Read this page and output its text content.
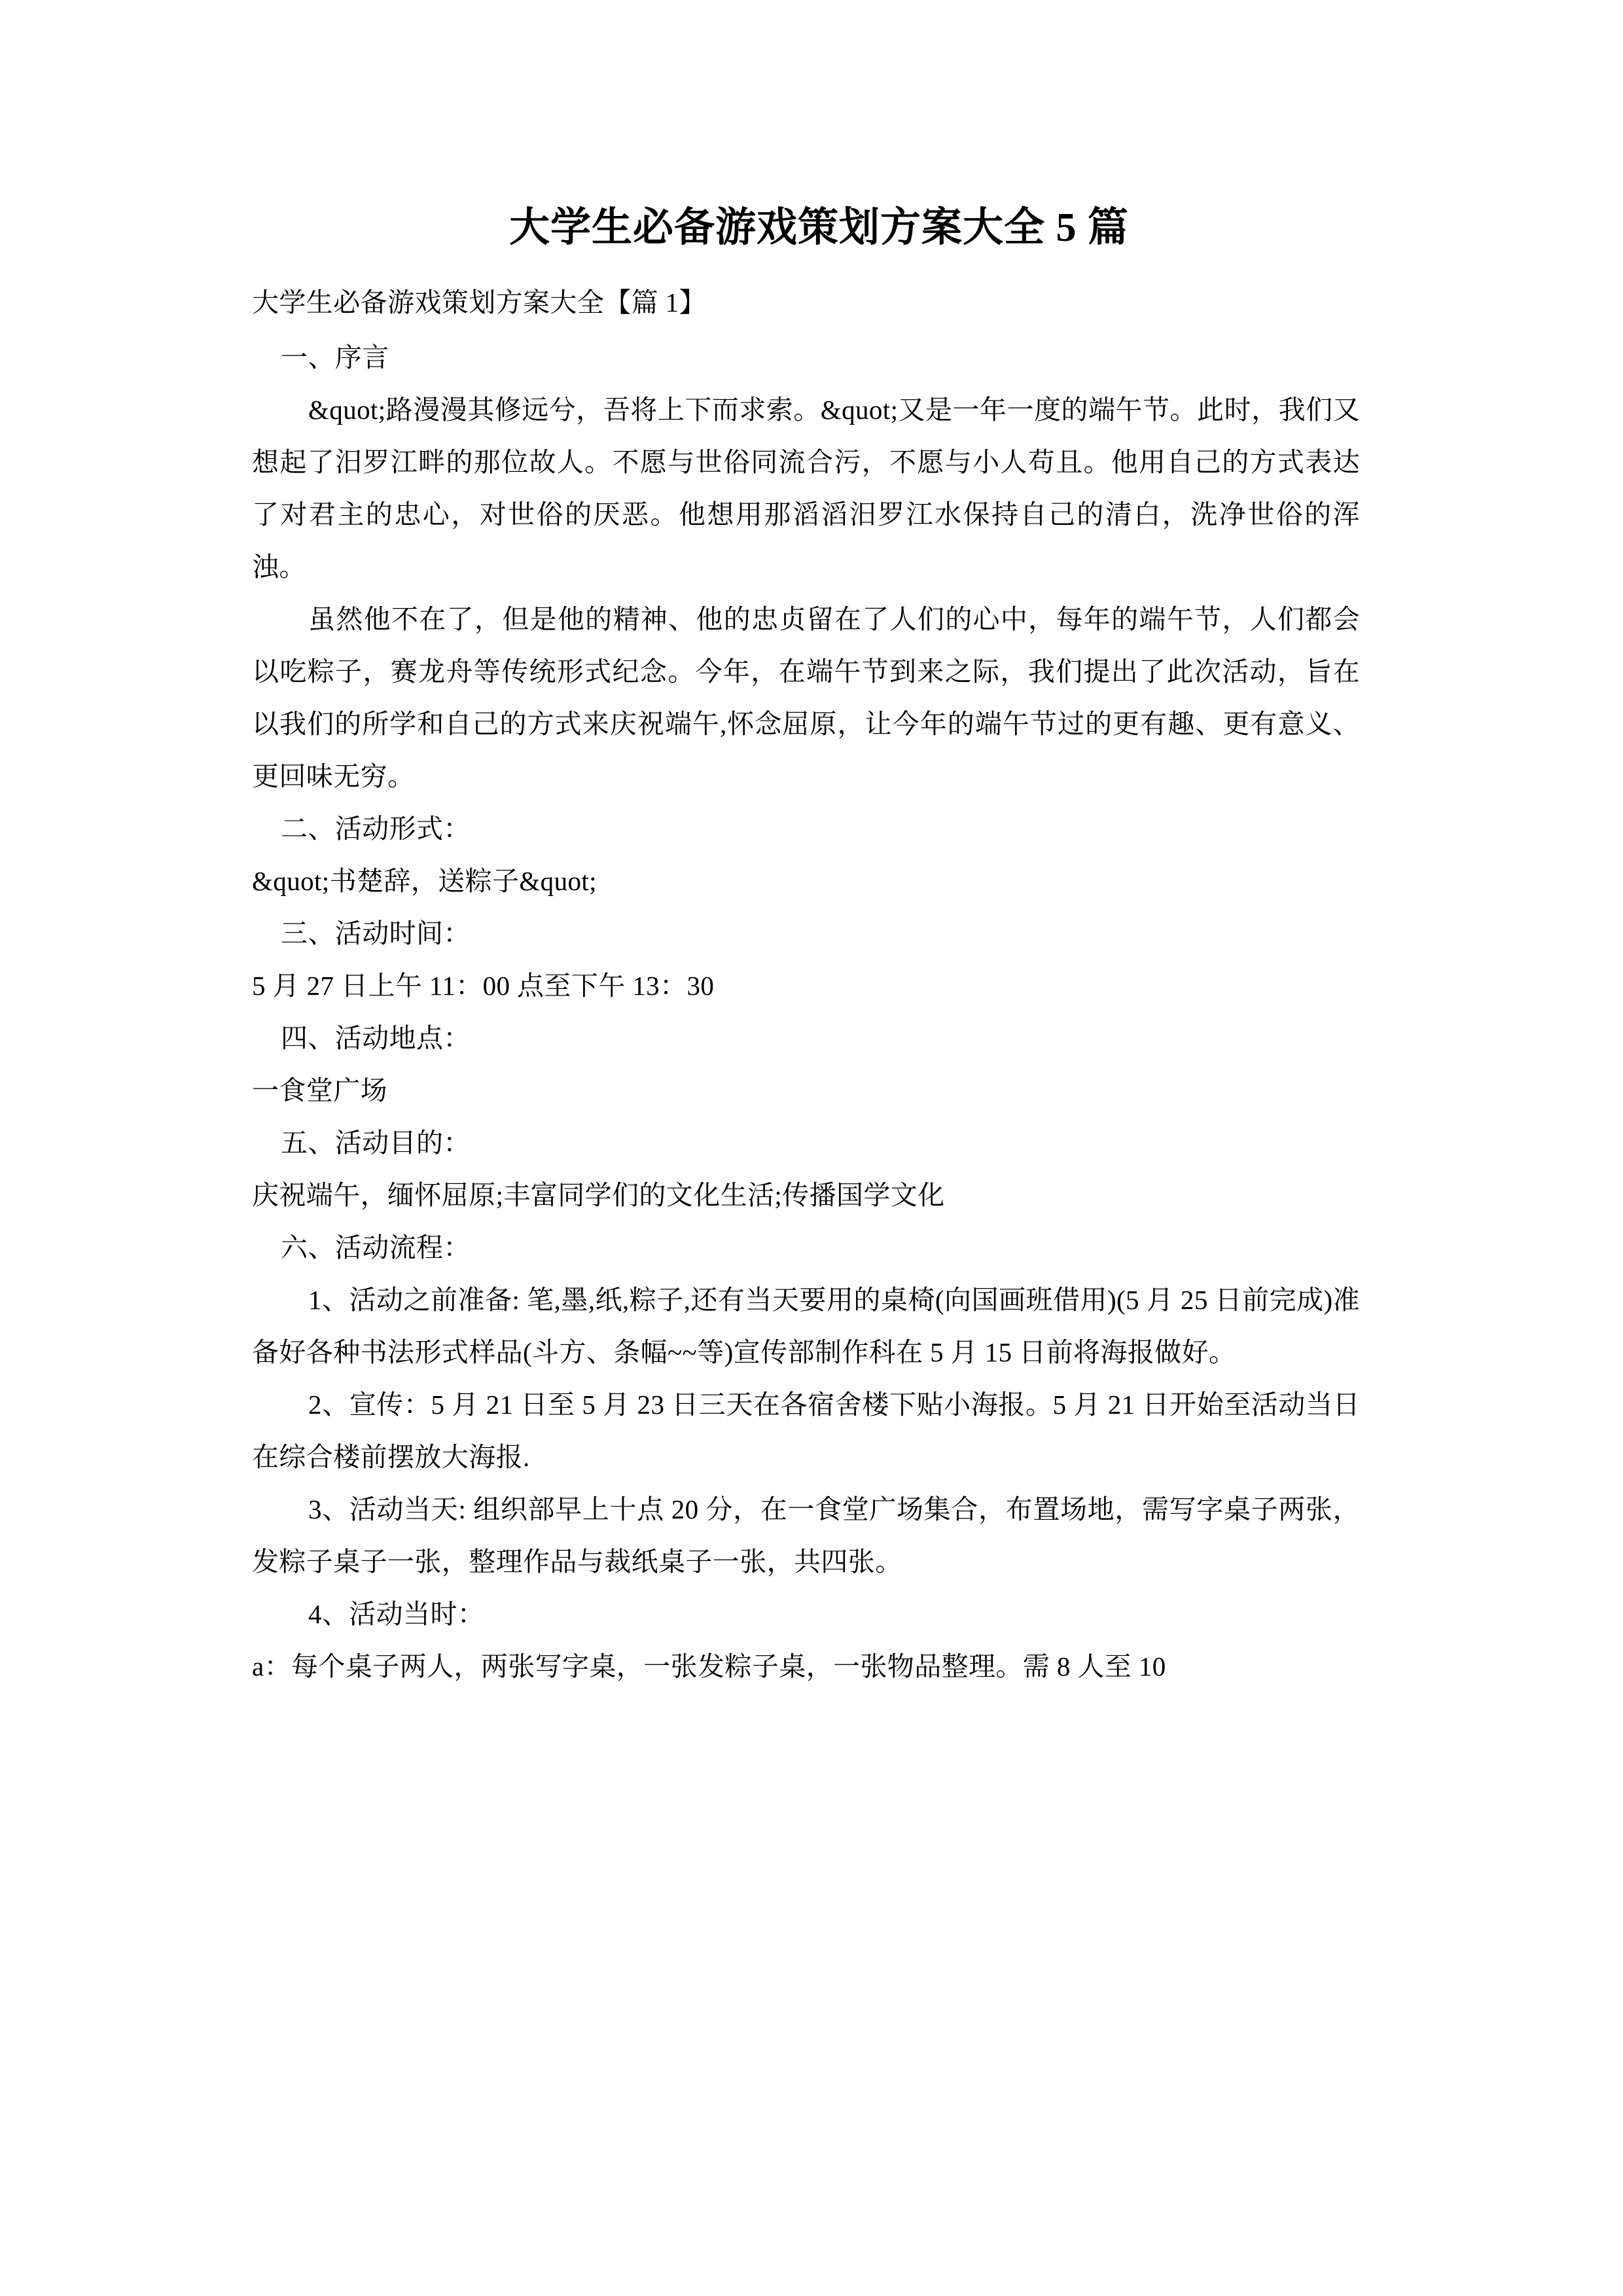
大学生必备游戏策划方案大全 5 篇

大学生必备游戏策划方案大全【篇 1】

一、序言

&quot;路漫漫其修远兮，吾将上下而求索。&quot;又是一年一度的端午节。此时，我们又想起了汨罗江畔的那位故人。不愿与世俗同流合污，不愿与小人苟且。他用自己的方式表达了对君主的忠心，对世俗的厌恶。他想用那滔滔汨罗江水保持自己的清白，洗净世俗的浑浊。

虽然他不在了，但是他的精神、他的忠贞留在了人们的心中，每年的端午节，人们都会以吃粽子，赛龙舟等传统形式纪念。今年，在端午节到来之际，我们提出了此次活动，旨在以我们的所学和自己的方式来庆祝端午,怀念屈原，让今年的端午节过的更有趣、更有意义、更回味无穷。

二、活动形式：

&quot;书楚辞，送粽子&quot;

三、活动时间：

5 月 27 日上午 11：00 点至下午 13：30

四、活动地点：

一食堂广场

五、活动目的：

庆祝端午，缅怀屈原;丰富同学们的文化生活;传播国学文化

六、活动流程：

1、活动之前准备: 笔,墨,纸,粽子,还有当天要用的桌椅(向国画班借用)(5 月 25 日前完成)准备好各种书法形式样品(斗方、条幅~~等)宣传部制作科在 5 月 15 日前将海报做好。

2、宣传：5 月 21 日至 5 月 23 日三天在各宿舍楼下贴小海报。5 月 21 日开始至活动当日在综合楼前摆放大海报.

3、活动当天: 组织部早上十点 20 分，在一食堂广场集合，布置场地，需写字桌子两张，发粽子桌子一张，整理作品与裁纸桌子一张，共四张。

4、活动当时：

a：每个桌子两人，两张写字桌，一张发粽子桌，一张物品整理。需 8 人至 10
